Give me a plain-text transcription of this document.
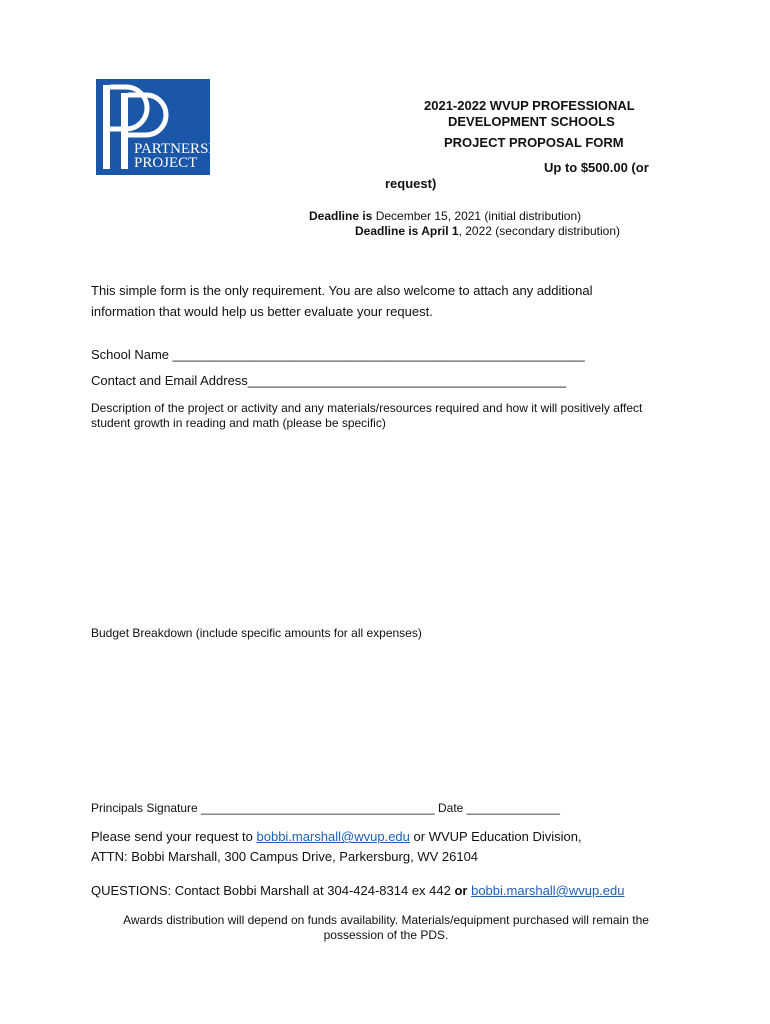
PARTNERSHIPS
PROJECT
2021-2022 WVUP PROFESSIONAL
DEVELOPMENT SCHOOLS
PROJECT PROPOSAL FORM
Up to $500.00 (or
request)
Deadline is December 15, 2021 (initial distribution)
Deadline is April 1, 2022 (secondary distribution)
This simple form is the only requirement. You are also welcome to attach any additional
information that would help us better evaluate your request.
School Name _________________________________________________________
Contact and Email Address____________________________________________
Description of the project or activity and any materials/resources required and how it will positively affect
student growth in reading and math (please be specific)
Budget Breakdown (include specific amounts for all expenses)
Principals Signature ___________________________________ Date ______________
Please send your request to bobbi.marshall@wvup.edu or WVUP Education Division,
ATTN: Bobbi Marshall, 300 Campus Drive, Parkersburg, WV 26104
QUESTIONS: Contact Bobbi Marshall at 304-424-8314 ex 442 or bobbi.marshall@wvup.edu
Awards distribution will depend on funds availability. Materials/equipment purchased will remain the
possession of the PDS.
